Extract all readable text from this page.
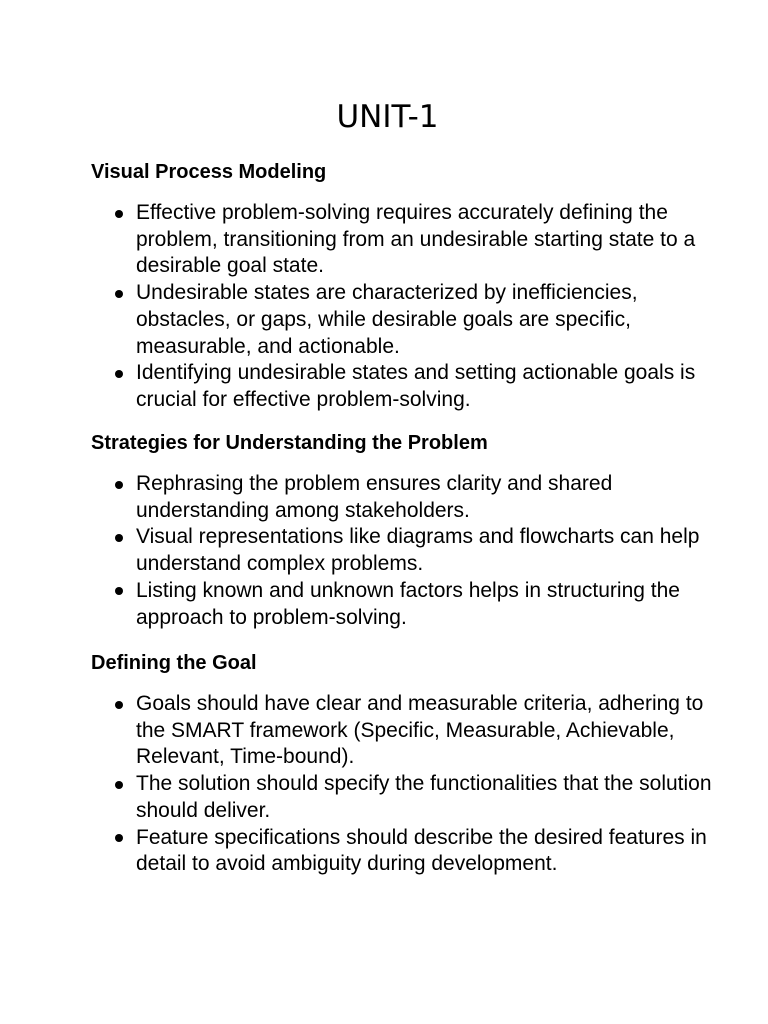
UNIT-1
Visual Process Modeling
Effective problem-solving requires accurately defining the problem, transitioning from an undesirable starting state to a desirable goal state.
Undesirable states are characterized by inefficiencies, obstacles, or gaps, while desirable goals are specific, measurable, and actionable.
Identifying undesirable states and setting actionable goals is crucial for effective problem-solving.
Strategies for Understanding the Problem
Rephrasing the problem ensures clarity and shared understanding among stakeholders.
Visual representations like diagrams and flowcharts can help understand complex problems.
Listing known and unknown factors helps in structuring the approach to problem-solving.
Defining the Goal
Goals should have clear and measurable criteria, adhering to the SMART framework (Specific, Measurable, Achievable, Relevant, Time-bound).
The solution should specify the functionalities that the solution should deliver.
Feature specifications should describe the desired features in detail to avoid ambiguity during development.
